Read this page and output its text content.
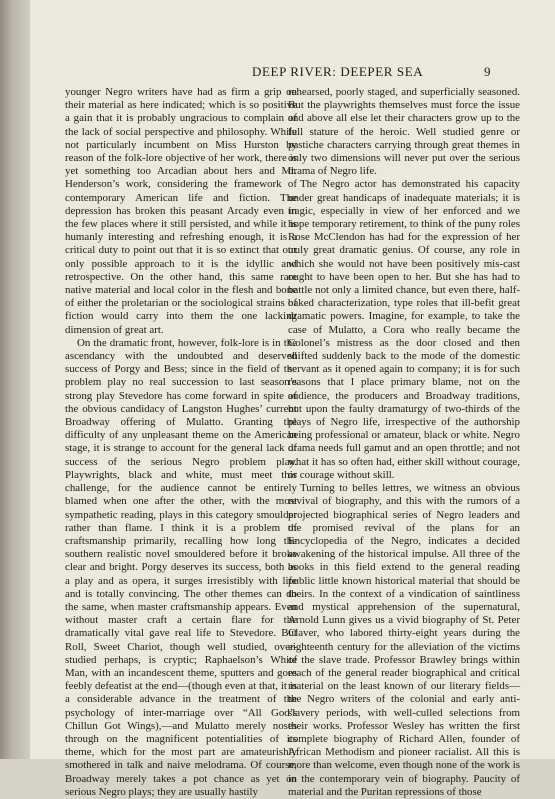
DEEP RIVER: DEEPER SEA	9

younger Negro writers have had as firm a grip on their material as here indicated; which is so positive a gain that it is probably ungracious to complain of the lack of social perspective and philosophy. While not particularly incumbent on Miss Hurston by reason of the folk-lore objective of her work, there is yet something too Arcadian about hers and Mr. Henderson’s work, considering the framework of contemporary American life and fiction. The depression has broken this peasant Arcady even in the few places where it still persisted, and while it is humanly interesting and refreshing enough, it is a critical duty to point out that it is so extinct that our only possible approach to it is the idyllic and retrospective. On the other hand, this same rare native material and local color in the flesh and bone of either the proletarian or the sociological strains of fiction would carry into them the one lacking dimension of great art.

On the dramatic front, however, folk-lore is in the ascendancy with the undoubted and deserved success of Porgy and Bess; since in the field of the problem play no real succession to last season’s strong play Stevedore has come forward in spite of the obvious candidacy of Langston Hughes’ current Broadway offering of Mulatto. Granting the difficulty of any unpleasant theme on the American stage, it is strange to account for the general lack of success of the serious Negro problem play. Playwrights, black and white, must meet this challenge, for the audience cannot be entirely blamed when one after the other, with the most sympathetic reading, plays in this category smoulder rather than flame. I think it is a problem of craftsmanship primarily, recalling how long the southern realistic novel smouldered before it broke clear and bright. Porgy deserves its success, both as a play and as opera, it surges irresistibly with life and is totally convincing. The other themes can do the same, when master craftsmanship appears. Even without master craft a certain flare for the dramatically vital gave real life to Stevedore. But Roll, Sweet Chariot, though well studied, over-studied perhaps, is cryptic; Raphaelson’s White Man, with an incandescent theme, sputters and goes feebly defeatist at the end—(though even at that, it is a considerable advance in the treatment of the psychology of inter-marriage over “All God’s Chillun Got Wings),—and Mulatto merely noses through on the magnificent potentialities of its theme, which for the most part are amateurishly smothered in talk and naive melodrama. Of course, Broadway merely takes a pot chance as yet on serious Negro plays; they are usually hastily

rehearsed, poorly staged, and superficially seasoned. But the playwrights themselves must force the issue and above all else let their characters grow up to the full stature of the heroic. Well studied genre or pastiche characters carrying through great themes in only two dimensions will never put over the serious drama of Negro life.

The Negro actor has demonstrated his capacity under great handicaps of inadequate materials; it is tragic, especially in view of her enforced and we hope temporary retirement, to think of the puny roles Rose McClendon has had for the expression of her truly great dramatic genius. Of course, any role in which she would not have been positively mis-cast ought to have been open to her. But she has had to battle not only a limited chance, but even there, half-baked characterization, type roles that ill-befit great dramatic powers. Imagine, for example, to take the case of Mulatto, a Cora who really became the Colonel’s mistress as the door closed and then shifted suddenly back to the mode of the domestic servant as it opened again to company; it is for such reasons that I place primary blame, not on the audience, the producers and Broadway traditions, but upon the faulty dramaturgy of two-thirds of the plays of Negro life, irrespective of the authorship being professional or amateur, black or white. Negro drama needs full gamut and an open throttle; and not what it has so often had, either skill without courage, or courage without skill.

Turning to belles lettres, we witness an obvious revival of biography, and this with the rumors of a projected biographical series of Negro leaders and the promised revival of the plans for an Encyclopedia of the Negro, indicates a decided awakening of the historical impulse. All three of the books in this field extend to the general reading public little known historical material that should be theirs. In the context of a vindication of saintliness and mystical apprehension of the supernatural, Arnold Lunn gives us a vivid biography of St. Peter Claver, who labored thirty-eight years during the eighteenth century for the alleviation of the victims of the slave trade. Professor Brawley brings within reach of the general reader biographical and critical material on the least known of our literary fields—the Negro writers of the colonial and early anti-slavery periods, with well-culled selections from their works. Professor Wesley has written the first complete biography of Richard Allen, founder of African Methodism and pioneer racialist. All this is more than welcome, even though none of the work is in the contemporary vein of biography. Paucity of material and the Puritan repressions of those
